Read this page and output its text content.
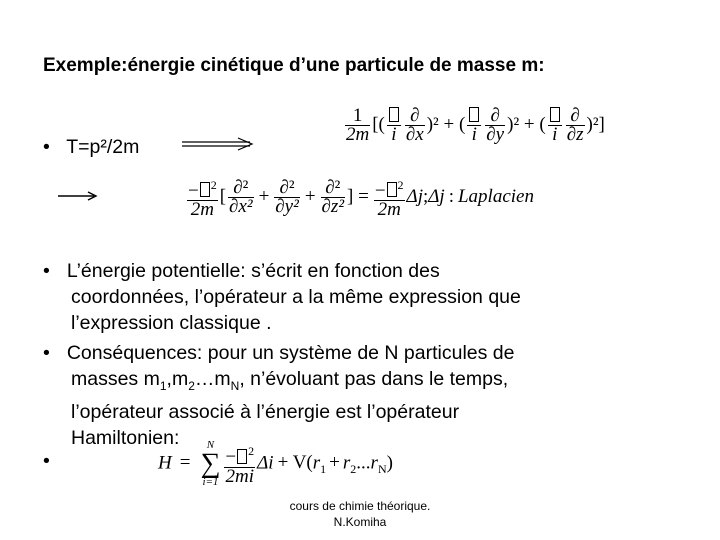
Exemple:énergie cinétique d’une particule de masse m:
• T=p²/2m
$\frac{1}{2m}$ [( i $\frac{\partial}{\partial x} )^2$ + ( i $\frac{\partial}{\partial y} )^2$ + ( i $\frac{\partial}{\partial z} )^2$]
$\frac{- ^2}{2m}$ [ $\frac{\text{∂²}}{\text{∂x²}} + \frac{\text{∂²}}{\text{∂y²}} + \frac{\text{∂²}}{\text{∂z²}}$ ] = $\frac{- ^2}{2m}$ Δj;Δj : Laplacien
• L’énergie potentielle: s’écrit en fonction des
coordonnées, l’opérateur a la même expression que
l’expression classique .
• Conséquences: pour un système de N particules de
masses $m_1,m_2\dots m_N$, n’évoluant pas dans le temps,
l’opérateur associé à l’énergie est l’opérateur
Hamiltonien:
•	H =
N
∑
$i=1 \frac{- ^2}{2mi}$ $\Delta i + V(r_1 + r_2...r_N)$
cours de chimie théorique.
N.Komiha
